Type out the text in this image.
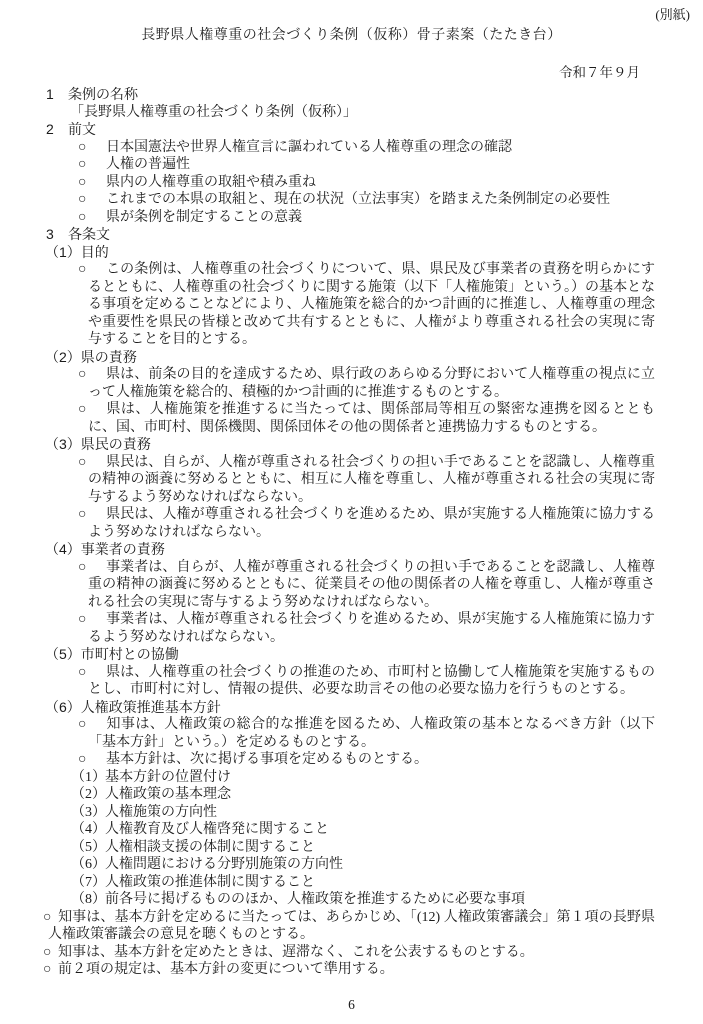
(別紙)
長野県人権尊重の社会づくり条例（仮称）骨子素案（たたき台）
令和７年９月

1 条例の名称

「長野県人権尊重の社会づくり条例（仮称）」

2 前文

○ 日本国憲法や世界人権宣言に謳われている人権尊重の理念の確認

○ 人権の普遍性

○ 県内の人権尊重の取組や積み重ね

○ これまでの本県の取組と、現在の状況（立法事実）を踏まえた条例制定の必要性

○ 県が条例を制定することの意義

3 各条文

（1）目的

○ この条例は、人権尊重の社会づくりについて、県、県民及び事業者の責務を明らかにするとともに、人権尊重の社会づくりに関する施策（以下「人権施策」という。）の基本となる事項を定めることなどにより、人権施策を総合的かつ計画的に推進し、人権尊重の理念や重要性を県民の皆様と改めて共有するとともに、人権がより尊重される社会の実現に寄与することを目的とする。

（2）県の責務

○ 県は、前条の目的を達成するため、県行政のあらゆる分野において人権尊重の視点に立って人権施策を総合的、積極的かつ計画的に推進するものとする。

○ 県は、人権施策を推進するに当たっては、関係部局等相互の緊密な連携を図るとともに、国、市町村、関係機関、関係団体その他の関係者と連携協力するものとする。

（3）県民の責務

○ 県民は、自らが、人権が尊重される社会づくりの担い手であることを認識し、人権尊重の精神の涵養に努めるとともに、相互に人権を尊重し、人権が尊重される社会の実現に寄与するよう努めなければならない。

○ 県民は、人権が尊重される社会づくりを進めるため、県が実施する人権施策に協力するよう努めなければならない。

（4）事業者の責務

○ 事業者は、自らが、人権が尊重される社会づくりの担い手であることを認識し、人権尊重の精神の涵養に努めるとともに、従業員その他の関係者の人権を尊重し、人権が尊重される社会の実現に寄与するよう努めなければならない。

○ 事業者は、人権が尊重される社会づくりを進めるため、県が実施する人権施策に協力するよう努めなければならない。

（5）市町村との協働

○ 県は、人権尊重の社会づくりの推進のため、市町村と協働して人権施策を実施するものとし、市町村に対し、情報の提供、必要な助言その他の必要な協力を行うものとする。

（6）人権政策推進基本方針

○ 知事は、人権政策の総合的な推進を図るため、人権政策の基本となるべき方針（以下「基本方針」という。）を定めるものとする。

○ 基本方針は、次に掲げる事項を定めるものとする。

（1）基本方針の位置付け

（2）人権政策の基本理念

（3）人権施策の方向性

（4）人権教育及び人権啓発に関すること

（5）人権相談支援の体制に関すること

（6）人権問題における分野別施策の方向性

（7）人権政策の推進体制に関すること

（8）前各号に掲げるもののほか、人権政策を推進するために必要な事項

○ 知事は、基本方針を定めるに当たっては、あらかじめ、「(12) 人権政策審議会」第１項の長野県人権政策審議会の意見を聴くものとする。

○ 知事は、基本方針を定めたときは、遅滞なく、これを公表するものとする。

○ 前２項の規定は、基本方針の変更について準用する。

6
